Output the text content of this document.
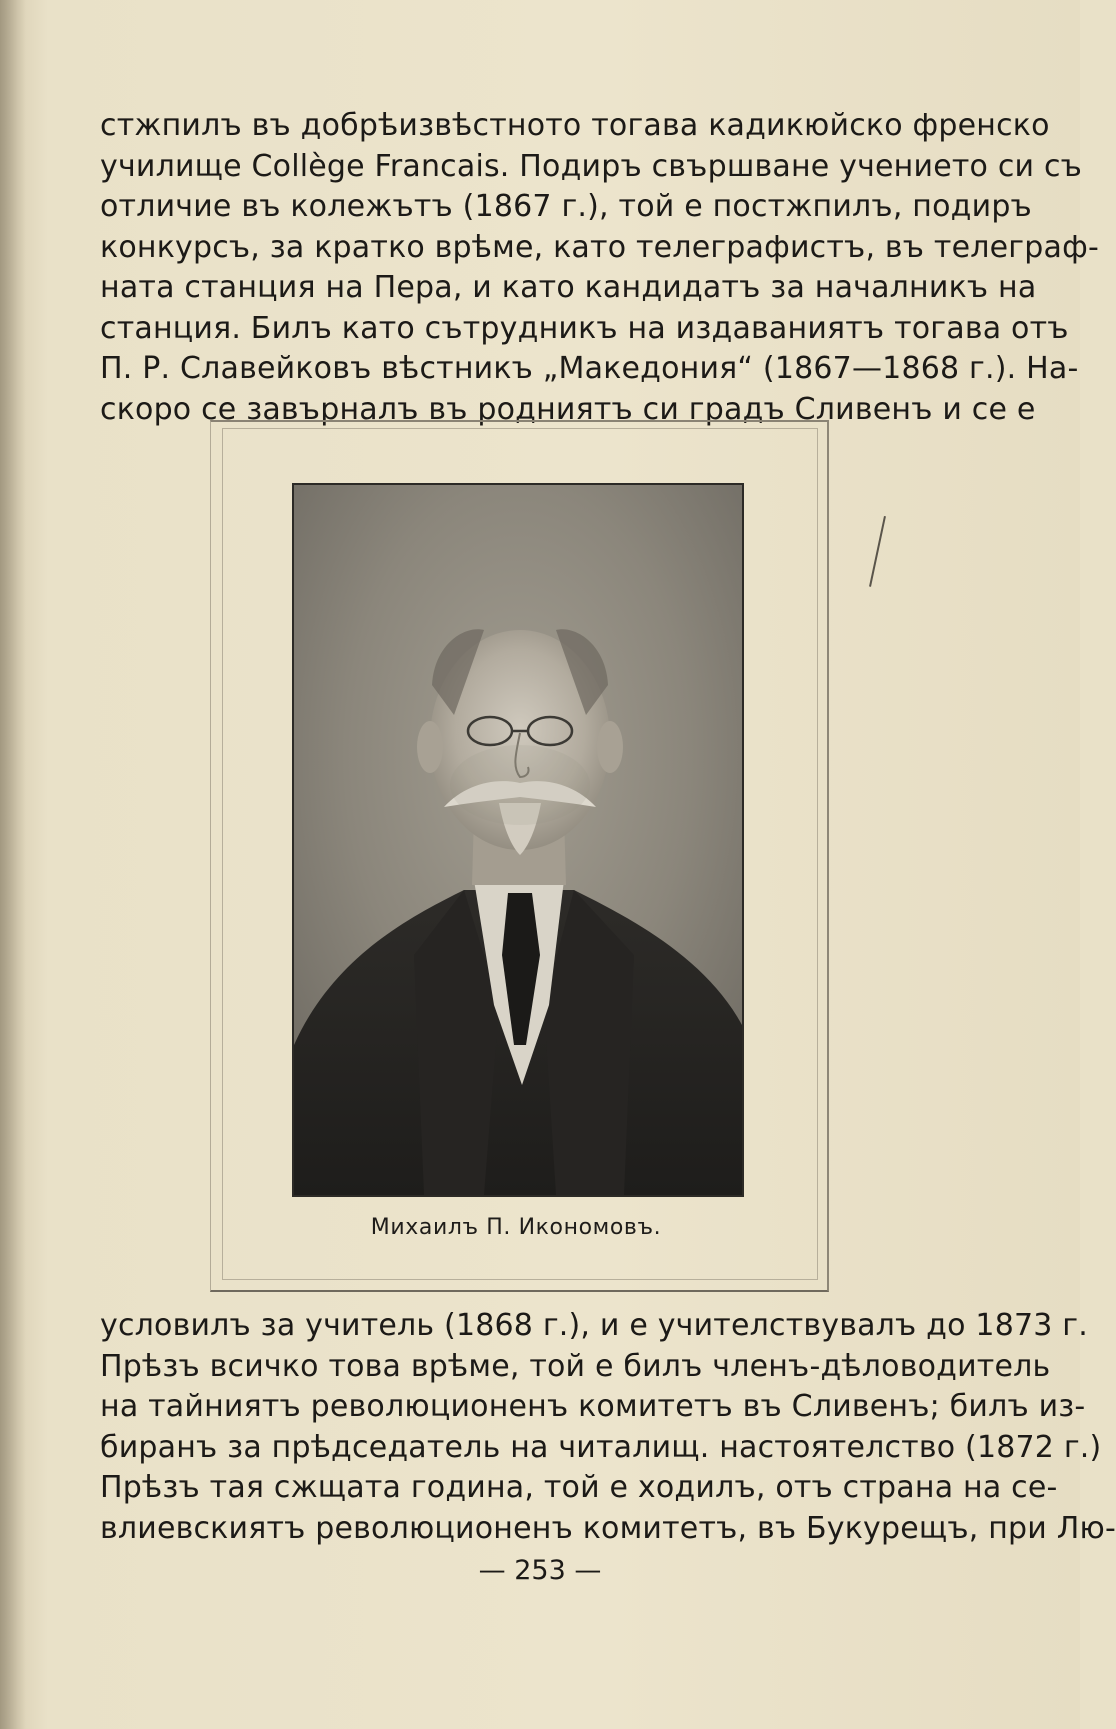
стжпилъ въ добрѣизвѣстното тогава кадикюйско френско
училище Collège Francais. Подиръ свършване учението си съ
отличие въ колежътъ (1867 г.), той е постжпилъ, подиръ
конкурсъ, за кратко врѣме, като телеграфистъ, въ телеграф-
ната станция на Пера, и като кандидатъ за началникъ на
станция. Билъ като сътрудникъ на издаваниятъ тогава отъ
П. Р. Славейковъ вѣстникъ „Македония“ (1867—1868 г.). На-
скоро се завърналъ въ родниятъ си градъ Сливенъ и се е
Михаилъ П. Икономовъ.
условилъ за учитель (1868 г.), и е учителствувалъ до 1873 г.
Прѣзъ всичко това врѣме, той е билъ членъ-дѣловодитель
на тайниятъ революционенъ комитетъ въ Сливенъ; билъ из-
биранъ за прѣдседатель на читалищ. настоятелство (1872 г.)
Прѣзъ тая сжщата година, той е ходилъ, отъ страна на се-
влиевскиятъ революционенъ комитетъ, въ Букурещъ, при Лю-
— 253 —
